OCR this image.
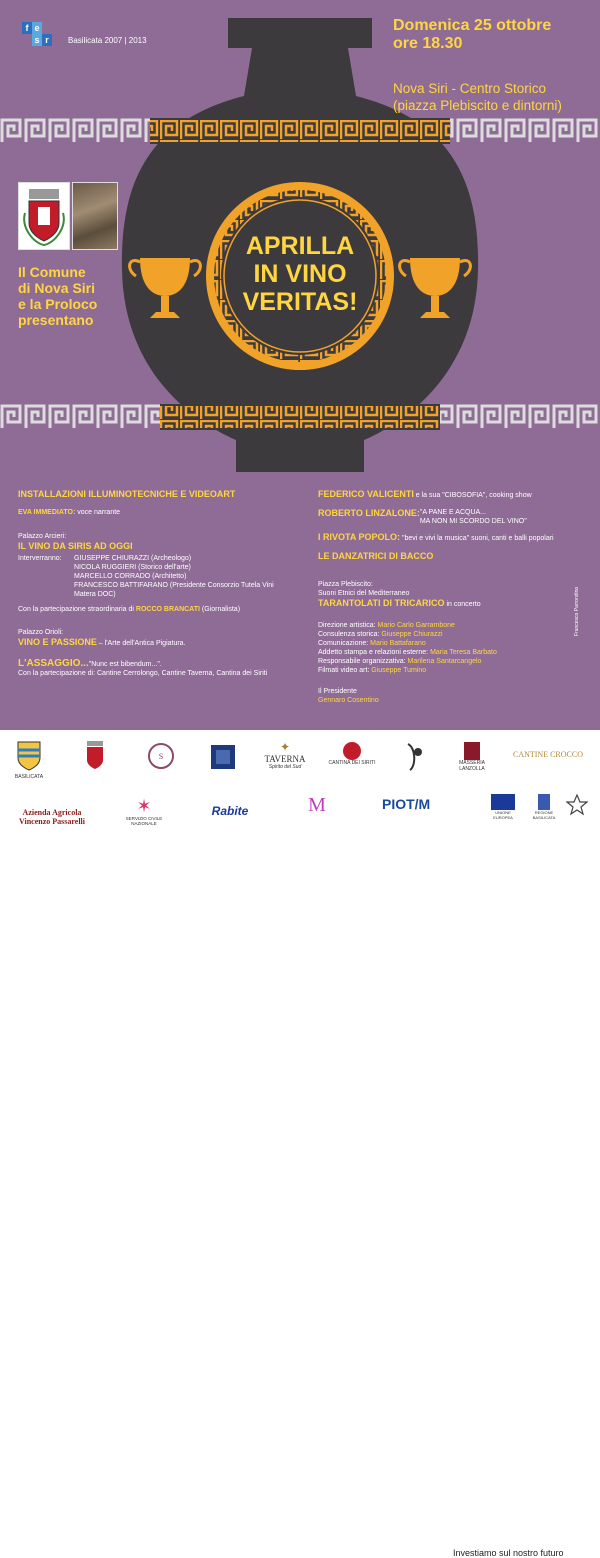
f e
s r	Basilicata 2007 | 2013
Domenica 25 ottobre
ore 18.30
Nova Siri - Centro Storico
(piazza Plebiscito e dintorni)
Il Comune
di Nova Siri
e la Proloco
presentano
APRILLA
IN VINO
VERITAS!
INSTALLAZIONI ILLUMINOTECNICHE E VIDEOART
EVA IMMEDIATO: voce narrante
Palazzo Arcieri:
IL VINO DA SIRIS AD OGGI
Interverranno:	GIUSEPPE CHIURAZZI (Archeologo)
NICOLA RUGGIERI (Storico dell'arte)
MARCELLO CORRADO (Architetto)
FRANCESCO BATTIFARANO (Presidente Consorzio Tutela Vini
Matera DOC)
Con la partecipazione straordinaria di ROCCO BRANCATI (Giornalista)
Palazzo Orioli:
VINO E PASSIONE – l'Arte dell'Antica Pigiatura.
L'ASSAGGIO..."Nunc est bibendum...".
Con la partecipazione di: Cantine Cerrolongo, Cantine Taverna, Cantina dei Siriti
FEDERICO VALICENTI e la sua "CIBOSOFIA", cooking show
ROBERTO LINZALONE: "A PANE E ACQUA...
MA NON MI SCORDO DEL VINO"
I RIVOTA POPOLO: "bevi e vivi la musica" suoni, canti e balli popolari
LE DANZATRICI DI BACCO
Piazza Plebiscito:
Suoni Etnici del Mediterraneo
TARANTOLATI DI TRICARICO in concerto
Direzione artistica: Mario Carlo Garrambone
Consulenza storica: Giuseppe Chiurazzi
Comunicazione: Mario Battafarano
Addetto stampa e relazioni esterne: Maria Teresa Barbato
Responsabile organizzativa: Marilena Santarcangelo
Filmati video art: Giuseppe Tumino
Il Presidente
Gennaro Cosentino
Francesco Parrondino
BASILICATA
S
✦
TAVERNA
Spirito del Sud
CANTINA DEI SIRITI	MASSERIA LANZOLLA
CANTINE CROCCO
Azienda Agricola
Vincenzo Passarelli
✶
SERVIZIO CIVILE NAZIONALE
Rabite	M	PIOT/M
UNIONE EUROPEA
REGIONE BASILICATA
Investiamo sul nostro futuro
